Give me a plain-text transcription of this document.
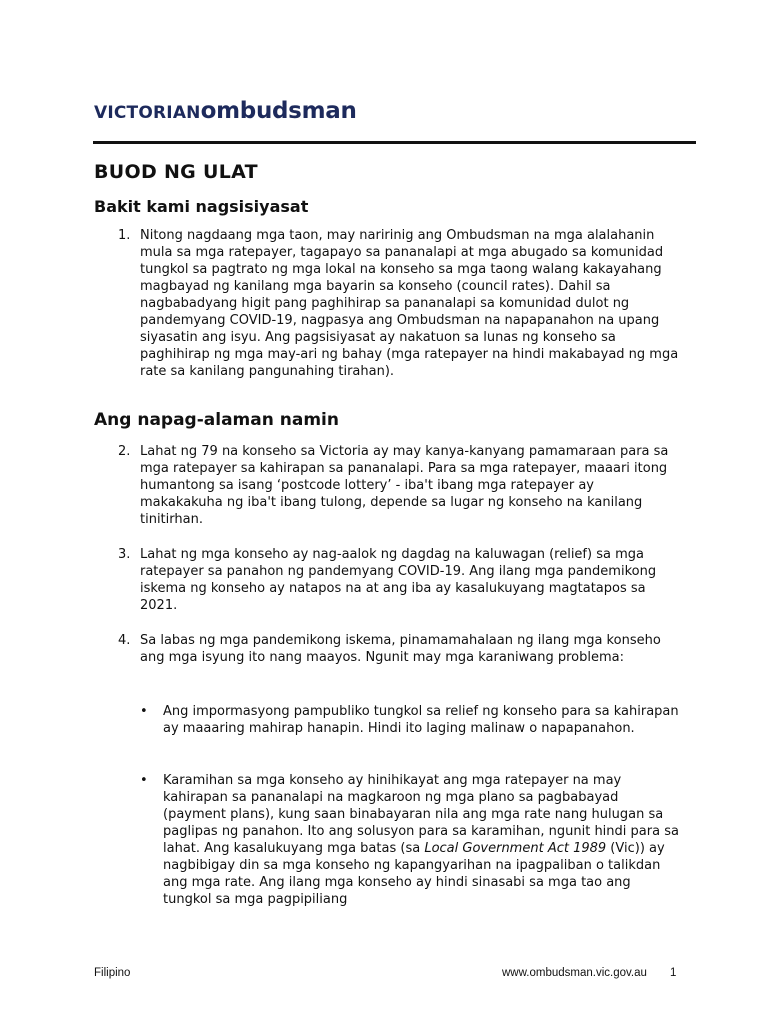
VICTORIANombudsman
BUOD NG ULAT
Bakit kami nagsisiyasat
1. Nitong nagdaang mga taon, may naririnig ang Ombudsman na mga alalahanin mula sa mga ratepayer, tagapayo sa pananalapi at mga abugado sa komunidad tungkol sa pagtrato ng mga lokal na konseho sa mga taong walang kakayahang magbayad ng kanilang mga bayarin sa konseho (council rates). Dahil sa nagbabadyang higit pang paghihirap sa pananalapi sa komunidad dulot ng pandemyang COVID-19, nagpasya ang Ombudsman na napapanahon na upang siyasatin ang isyu. Ang pagsisiyasat ay nakatuon sa lunas ng konseho sa paghihirap ng mga may-ari ng bahay (mga ratepayer na hindi makabayad ng mga rate sa kanilang pangunahing tirahan).

Ang napag-alaman namin
2. Lahat ng 79 na konseho sa Victoria ay may kanya-kanyang pamamaraan para sa mga ratepayer sa kahirapan sa pananalapi. Para sa mga ratepayer, maaari itong humantong sa isang ‘postcode lottery’ - iba't ibang mga ratepayer ay makakakuha ng iba't ibang tulong, depende sa lugar ng konseho na kanilang tinitirhan.

3. Lahat ng mga konseho ay nag-aalok ng dagdag na kaluwagan (relief) sa mga ratepayer sa panahon ng pandemyang COVID-19. Ang ilang mga pandemikong iskema ng konseho ay natapos na at ang iba ay kasalukuyang magtatapos sa 2021.

4. Sa labas ng mga pandemikong iskema, pinamamahalaan ng ilang mga konseho ang mga isyung ito nang maayos. Ngunit may mga karaniwang problema:

• Ang impormasyong pampubliko tungkol sa relief ng konseho para sa kahirapan ay maaaring mahirap hanapin. Hindi ito laging malinaw o napapanahon.

• Karamihan sa mga konseho ay hinihikayat ang mga ratepayer na may kahirapan sa pananalapi na magkaroon ng mga plano sa pagbabayad (payment plans), kung saan binabayaran nila ang mga rate nang hulugan sa paglipas ng panahon. Ito ang solusyon para sa karamihan, ngunit hindi para sa lahat. Ang kasalukuyang mga batas (sa Local Government Act 1989 (Vic)) ay nagbibigay din sa mga konseho ng kapangyarihan na ipagpaliban o talikdan ang mga rate. Ang ilang mga konseho ay hindi sinasabi sa mga tao ang tungkol sa mga pagpipiliang

Filipino	www.ombudsman.vic.gov.au 1
